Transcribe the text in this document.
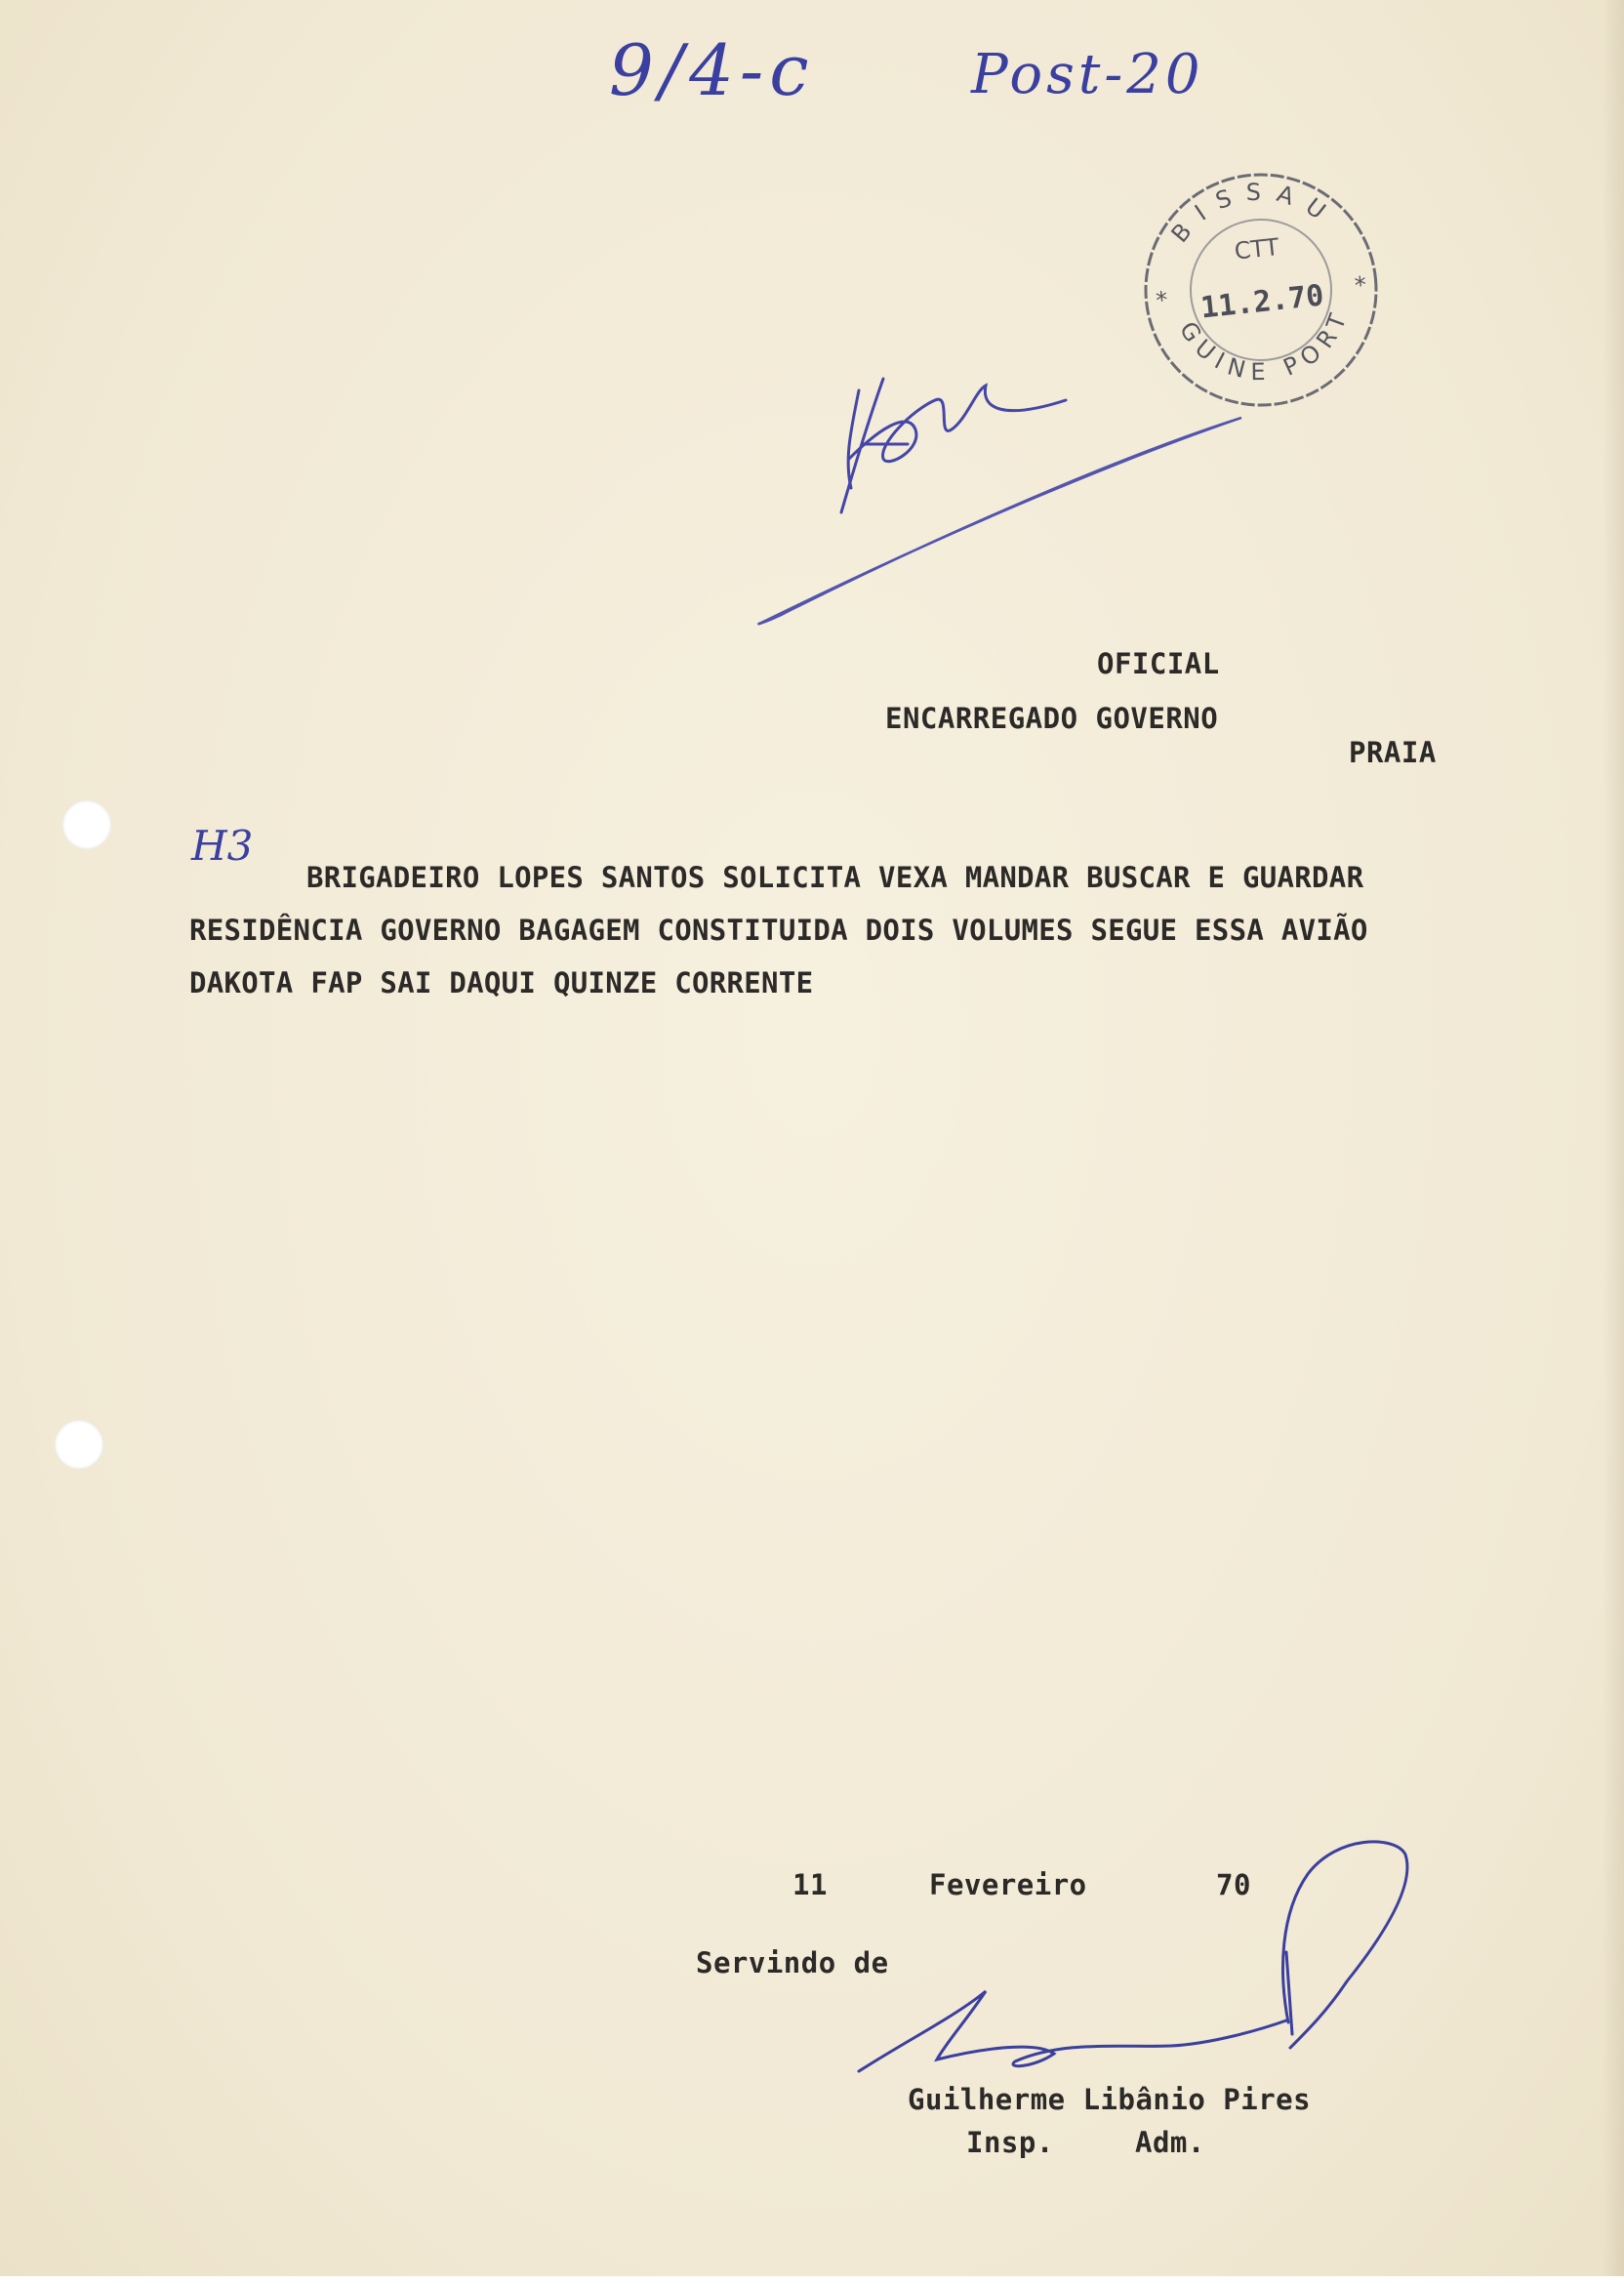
9/4-c	Post-20
BISSAU
GUINE PORT
CTT
11.2.70
*
*
H3
OFICIAL
ENCARREGADO GOVERNO
PRAIA
BRIGADEIRO LOPES SANTOS SOLICITA VEXA MANDAR BUSCAR E GUARDAR
RESIDÊNCIA GOVERNO BAGAGEM CONSTITUIDA DOIS VOLUMES SEGUE ESSA AVIÃO
DAKOTA FAP SAI DAQUI QUINZE CORRENTE
11	Fevereiro	70
Servindo de
Guilherme Libânio Pires
Insp.	Adm.
